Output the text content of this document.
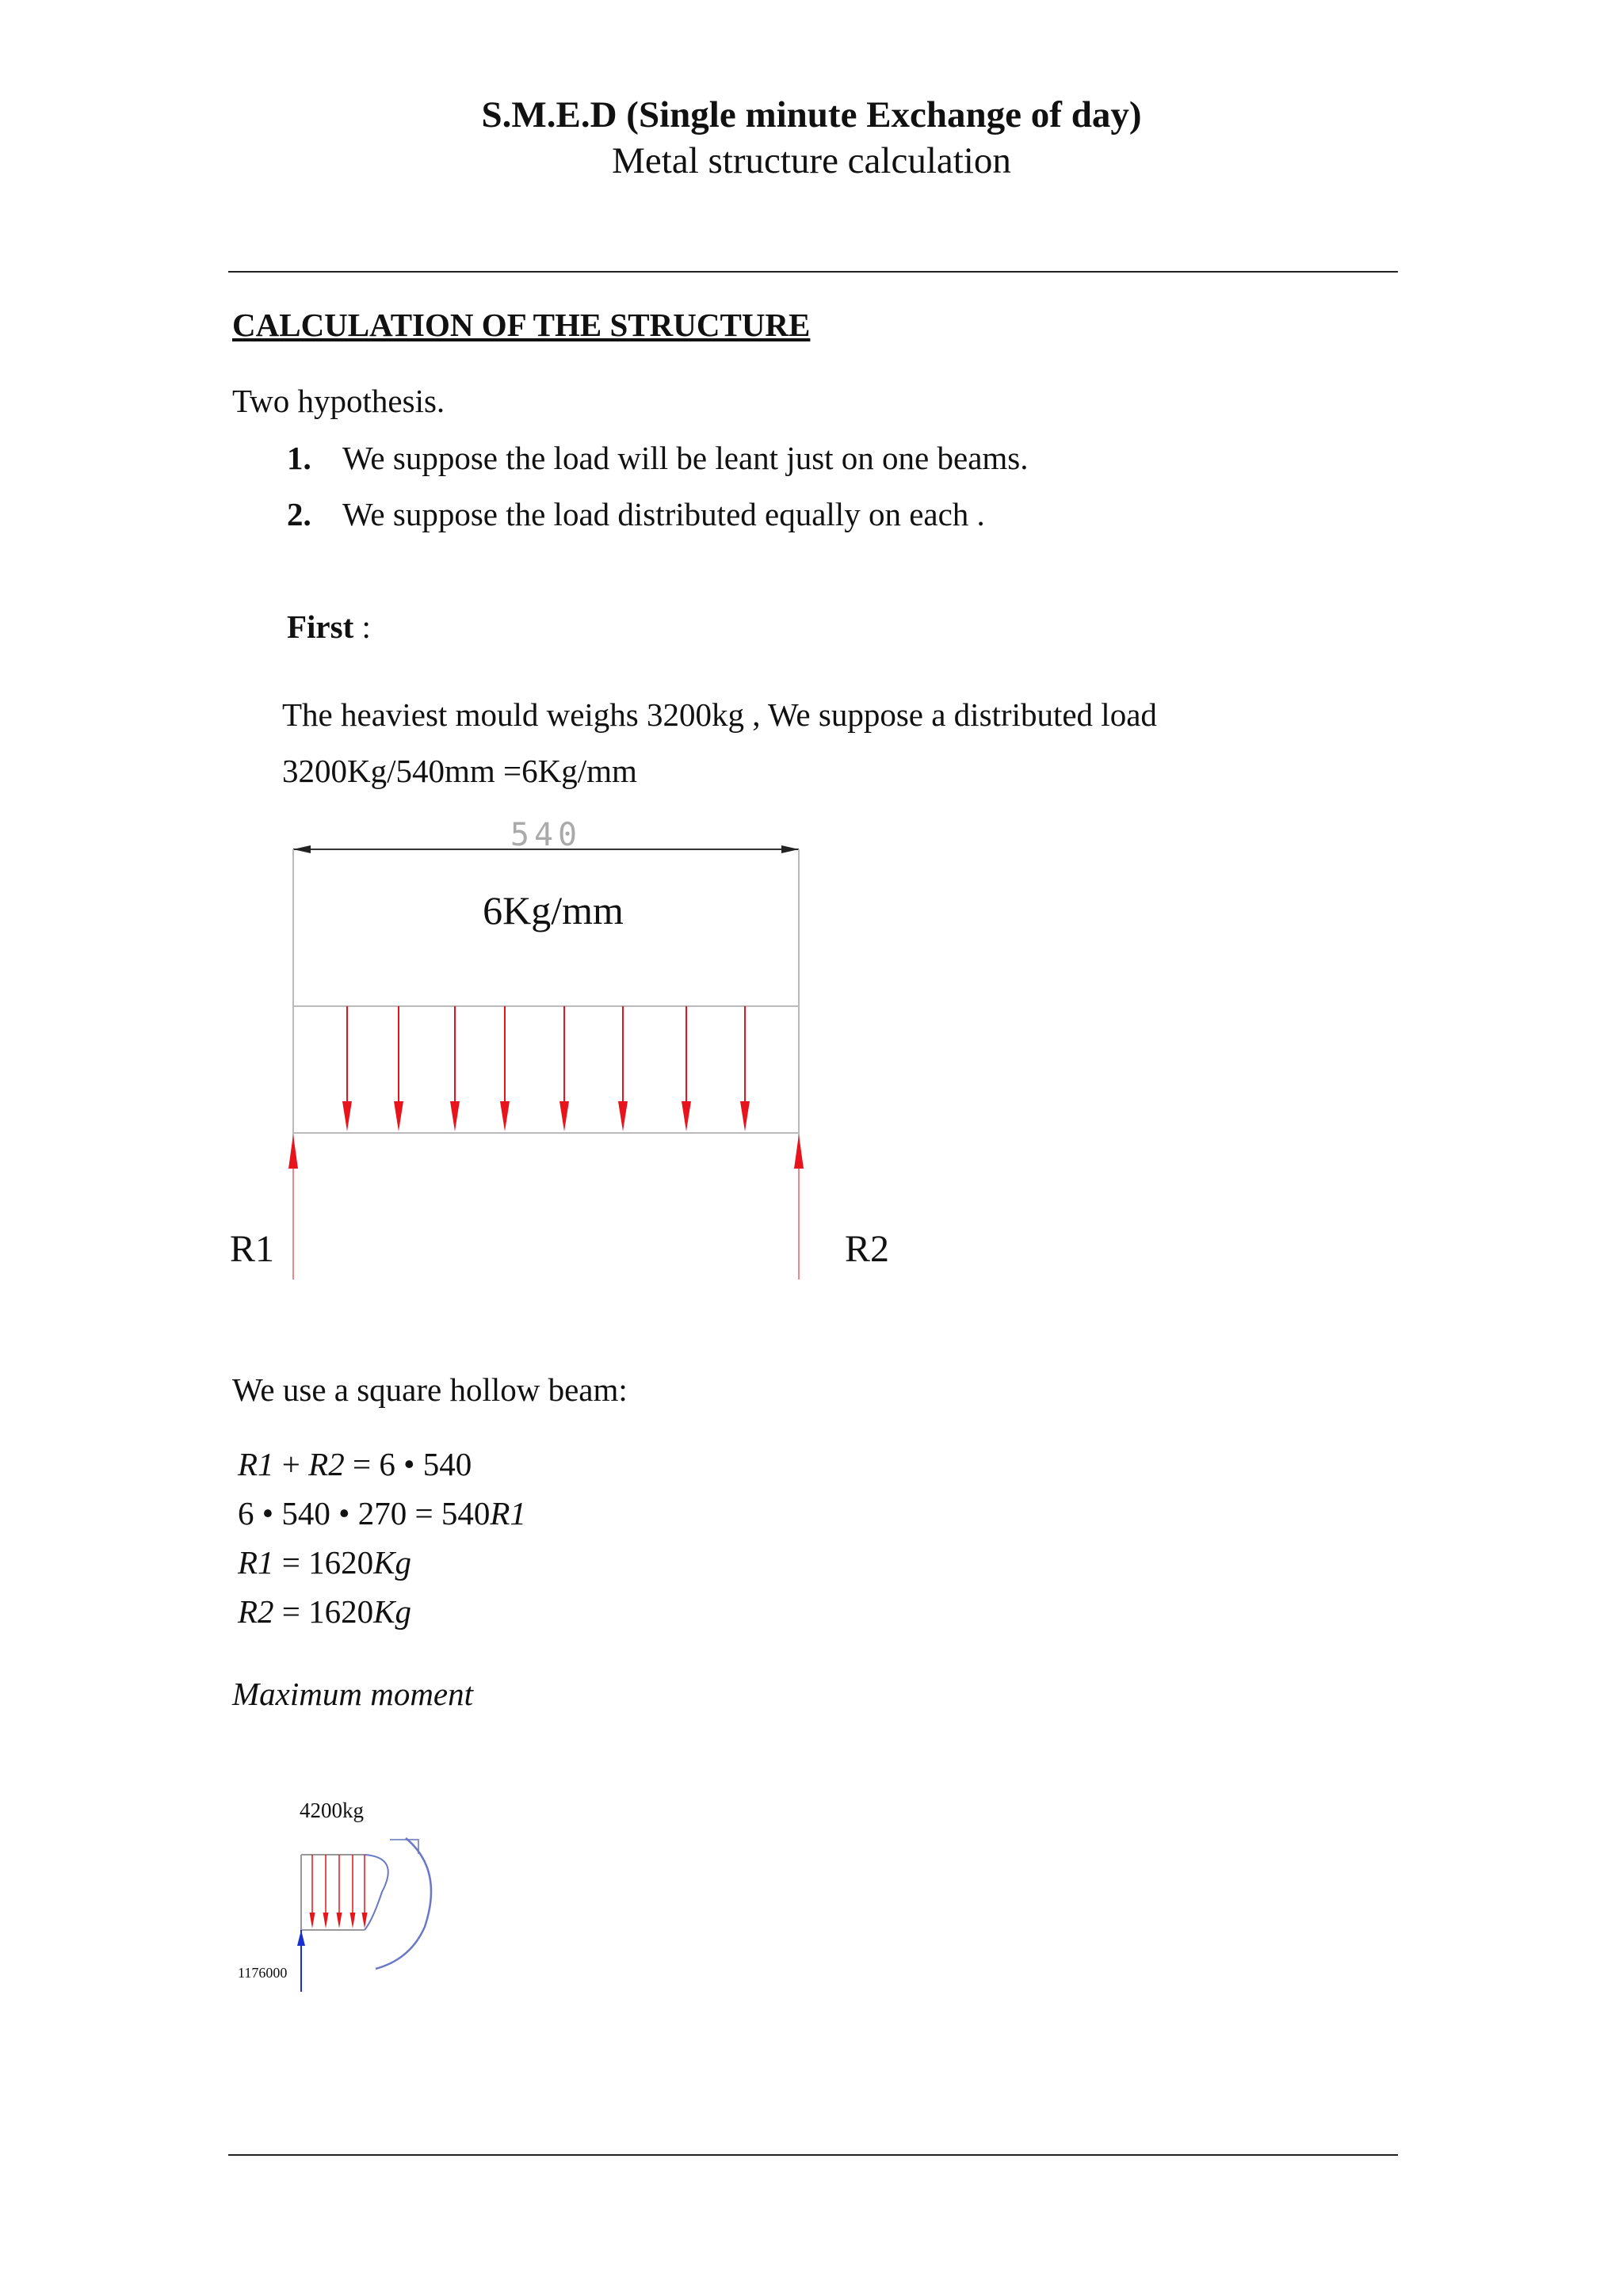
S.M.E.D (Single minute Exchange of day)
Metal structure calculation
CALCULATION OF THE STRUCTURE
Two hypothesis.
1. We suppose the load will be leant just on one beams.
2. We suppose the load distributed equally on each .
First :
The heaviest mould weighs 3200kg , We suppose a distributed load
3200Kg/540mm =6Kg/mm
540
6Kg/mm
R1	R2
We use a square hollow beam:
R1 + R2 = 6 • 540
6 • 540 • 270 = 540R1
R1 = 1620Kg
R2 = 1620Kg
Maximum moment
4200kg
1176000
